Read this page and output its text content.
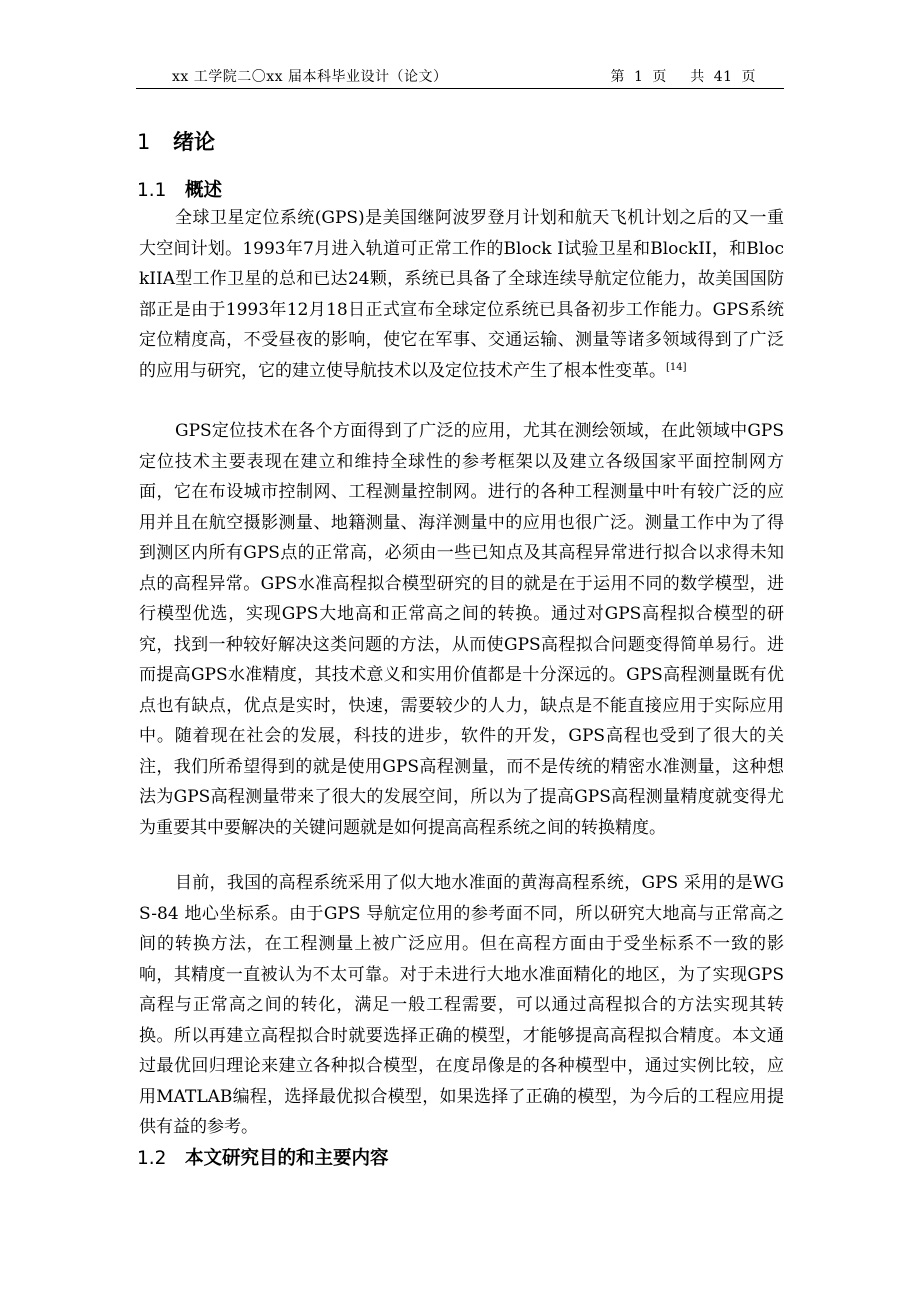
xx 工学院二〇xx 届本科毕业设计（论文）	第 1 页 　共 41 页
1 绪论
1.1 概述
全球卫星定位系统(GPS)是美国继阿波罗登月计划和航天飞机计划之后的又一重大空间计划。1993年7月进入轨道可正常工作的Block I试验卫星和BlockII，和BlockIIA型工作卫星的总和已达24颗，系统已具备了全球连续导航定位能力，故美国国防部正是由于1993年12月18日正式宣布全球定位系统已具备初步工作能力。GPS系统定位精度高，不受昼夜的影响，使它在军事、交通运输、测量等诸多领域得到了广泛的应用与研究，它的建立使导航技术以及定位技术产生了根本性变革。[14]
GPS定位技术在各个方面得到了广泛的应用，尤其在测绘领域，在此领域中GPS定位技术主要表现在建立和维持全球性的参考框架以及建立各级国家平面控制网方面，它在布设城市控制网、工程测量控制网。进行的各种工程测量中叶有较广泛的应用并且在航空摄影测量、地籍测量、海洋测量中的应用也很广泛。测量工作中为了得到测区内所有GPS点的正常高，必须由一些已知点及其高程异常进行拟合以求得未知点的高程异常。GPS水准高程拟合模型研究的目的就是在于运用不同的数学模型，进行模型优选，实现GPS大地高和正常高之间的转换。通过对GPS高程拟合模型的研究，找到一种较好解决这类问题的方法，从而使GPS高程拟合问题变得简单易行。进而提高GPS水准精度，其技术意义和实用价值都是十分深远的。GPS高程测量既有优点也有缺点，优点是实时，快速，需要较少的人力，缺点是不能直接应用于实际应用中。随着现在社会的发展，科技的进步，软件的开发，GPS高程也受到了很大的关注，我们所希望得到的就是使用GPS高程测量，而不是传统的精密水准测量，这种想法为GPS高程测量带来了很大的发展空间，所以为了提高GPS高程测量精度就变得尤为重要其中要解决的关键问题就是如何提高高程系统之间的转换精度。
目前，我国的高程系统采用了似大地水准面的黄海高程系统，GPS 采用的是WGS-84 地心坐标系。由于GPS 导航定位用的参考面不同，所以研究大地高与正常高之间的转换方法，在工程测量上被广泛应用。但在高程方面由于受坐标系不一致的影响，其精度一直被认为不太可靠。对于未进行大地水准面精化的地区，为了实现GPS 高程与正常高之间的转化，满足一般工程需要，可以通过高程拟合的方法实现其转换。所以再建立高程拟合时就要选择正确的模型，才能够提高高程拟合精度。本文通过最优回归理论来建立各种拟合模型，在度昂像是的各种模型中，通过实例比较，应用MATLAB编程，选择最优拟合模型，如果选择了正确的模型，为今后的工程应用提供有益的参考。
1.2 本文研究目的和主要内容
